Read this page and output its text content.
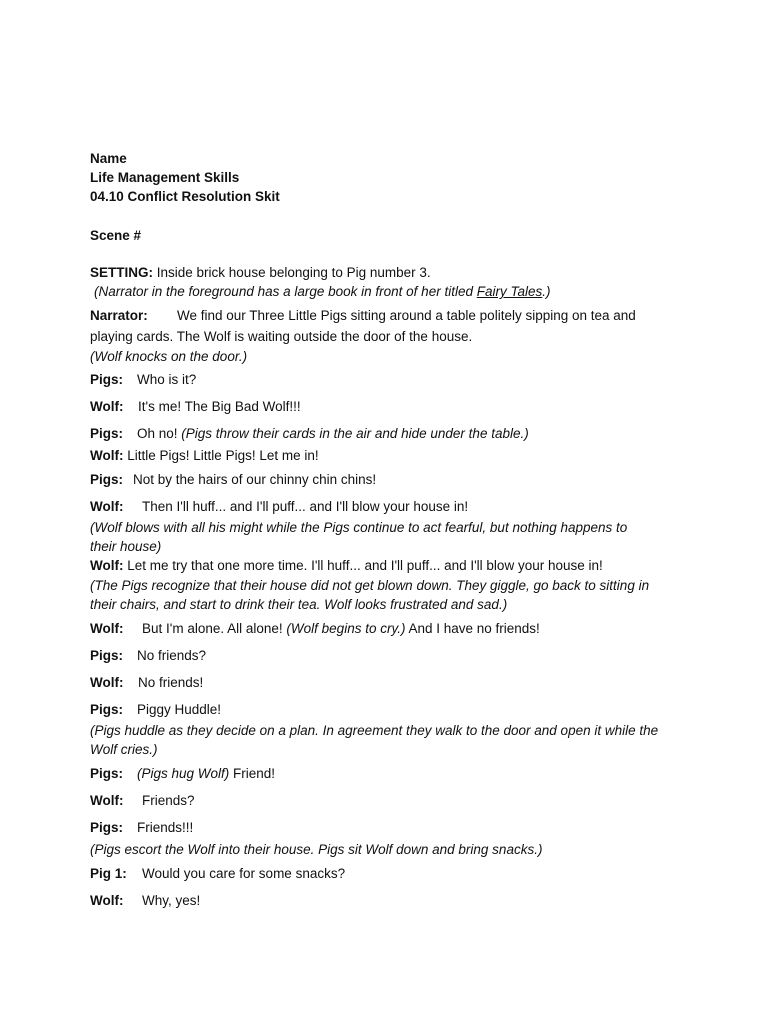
Name
Life Management Skills
04.10 Conflict Resolution Skit
Scene #
SETTING: Inside brick house belonging to Pig number 3.
(Narrator in the foreground has a large book in front of her titled Fairy Tales.)
Narrator: We find our Three Little Pigs sitting around a table politely sipping on tea and
playing cards. The Wolf is waiting outside the door of the house.
(Wolf knocks on the door.)
Pigs: Who is it?
Wolf: It's me! The Big Bad Wolf!!!
Pigs: Oh no! (Pigs throw their cards in the air and hide under the table.)
Wolf: Little Pigs! Little Pigs! Let me in!
Pigs: Not by the hairs of our chinny chin chins!
Wolf: Then I'll huff... and I'll puff... and I'll blow your house in!
(Wolf blows with all his might while the Pigs continue to act fearful, but nothing happens to
their house)
Wolf: Let me try that one more time. I'll huff... and I'll puff... and I'll blow your house in!
(The Pigs recognize that their house did not get blown down. They giggle, go back to sitting in
their chairs, and start to drink their tea. Wolf looks frustrated and sad.)
Wolf: But I'm alone. All alone! (Wolf begins to cry.) And I have no friends!
Pigs: No friends?
Wolf: No friends!
Pigs: Piggy Huddle!
(Pigs huddle as they decide on a plan. In agreement they walk to the door and open it while the
Wolf cries.)
Pigs: (Pigs hug Wolf) Friend!
Wolf: Friends?
Pigs: Friends!!!
(Pigs escort the Wolf into their house. Pigs sit Wolf down and bring snacks.)
Pig 1: Would you care for some snacks?
Wolf: Why, yes!
